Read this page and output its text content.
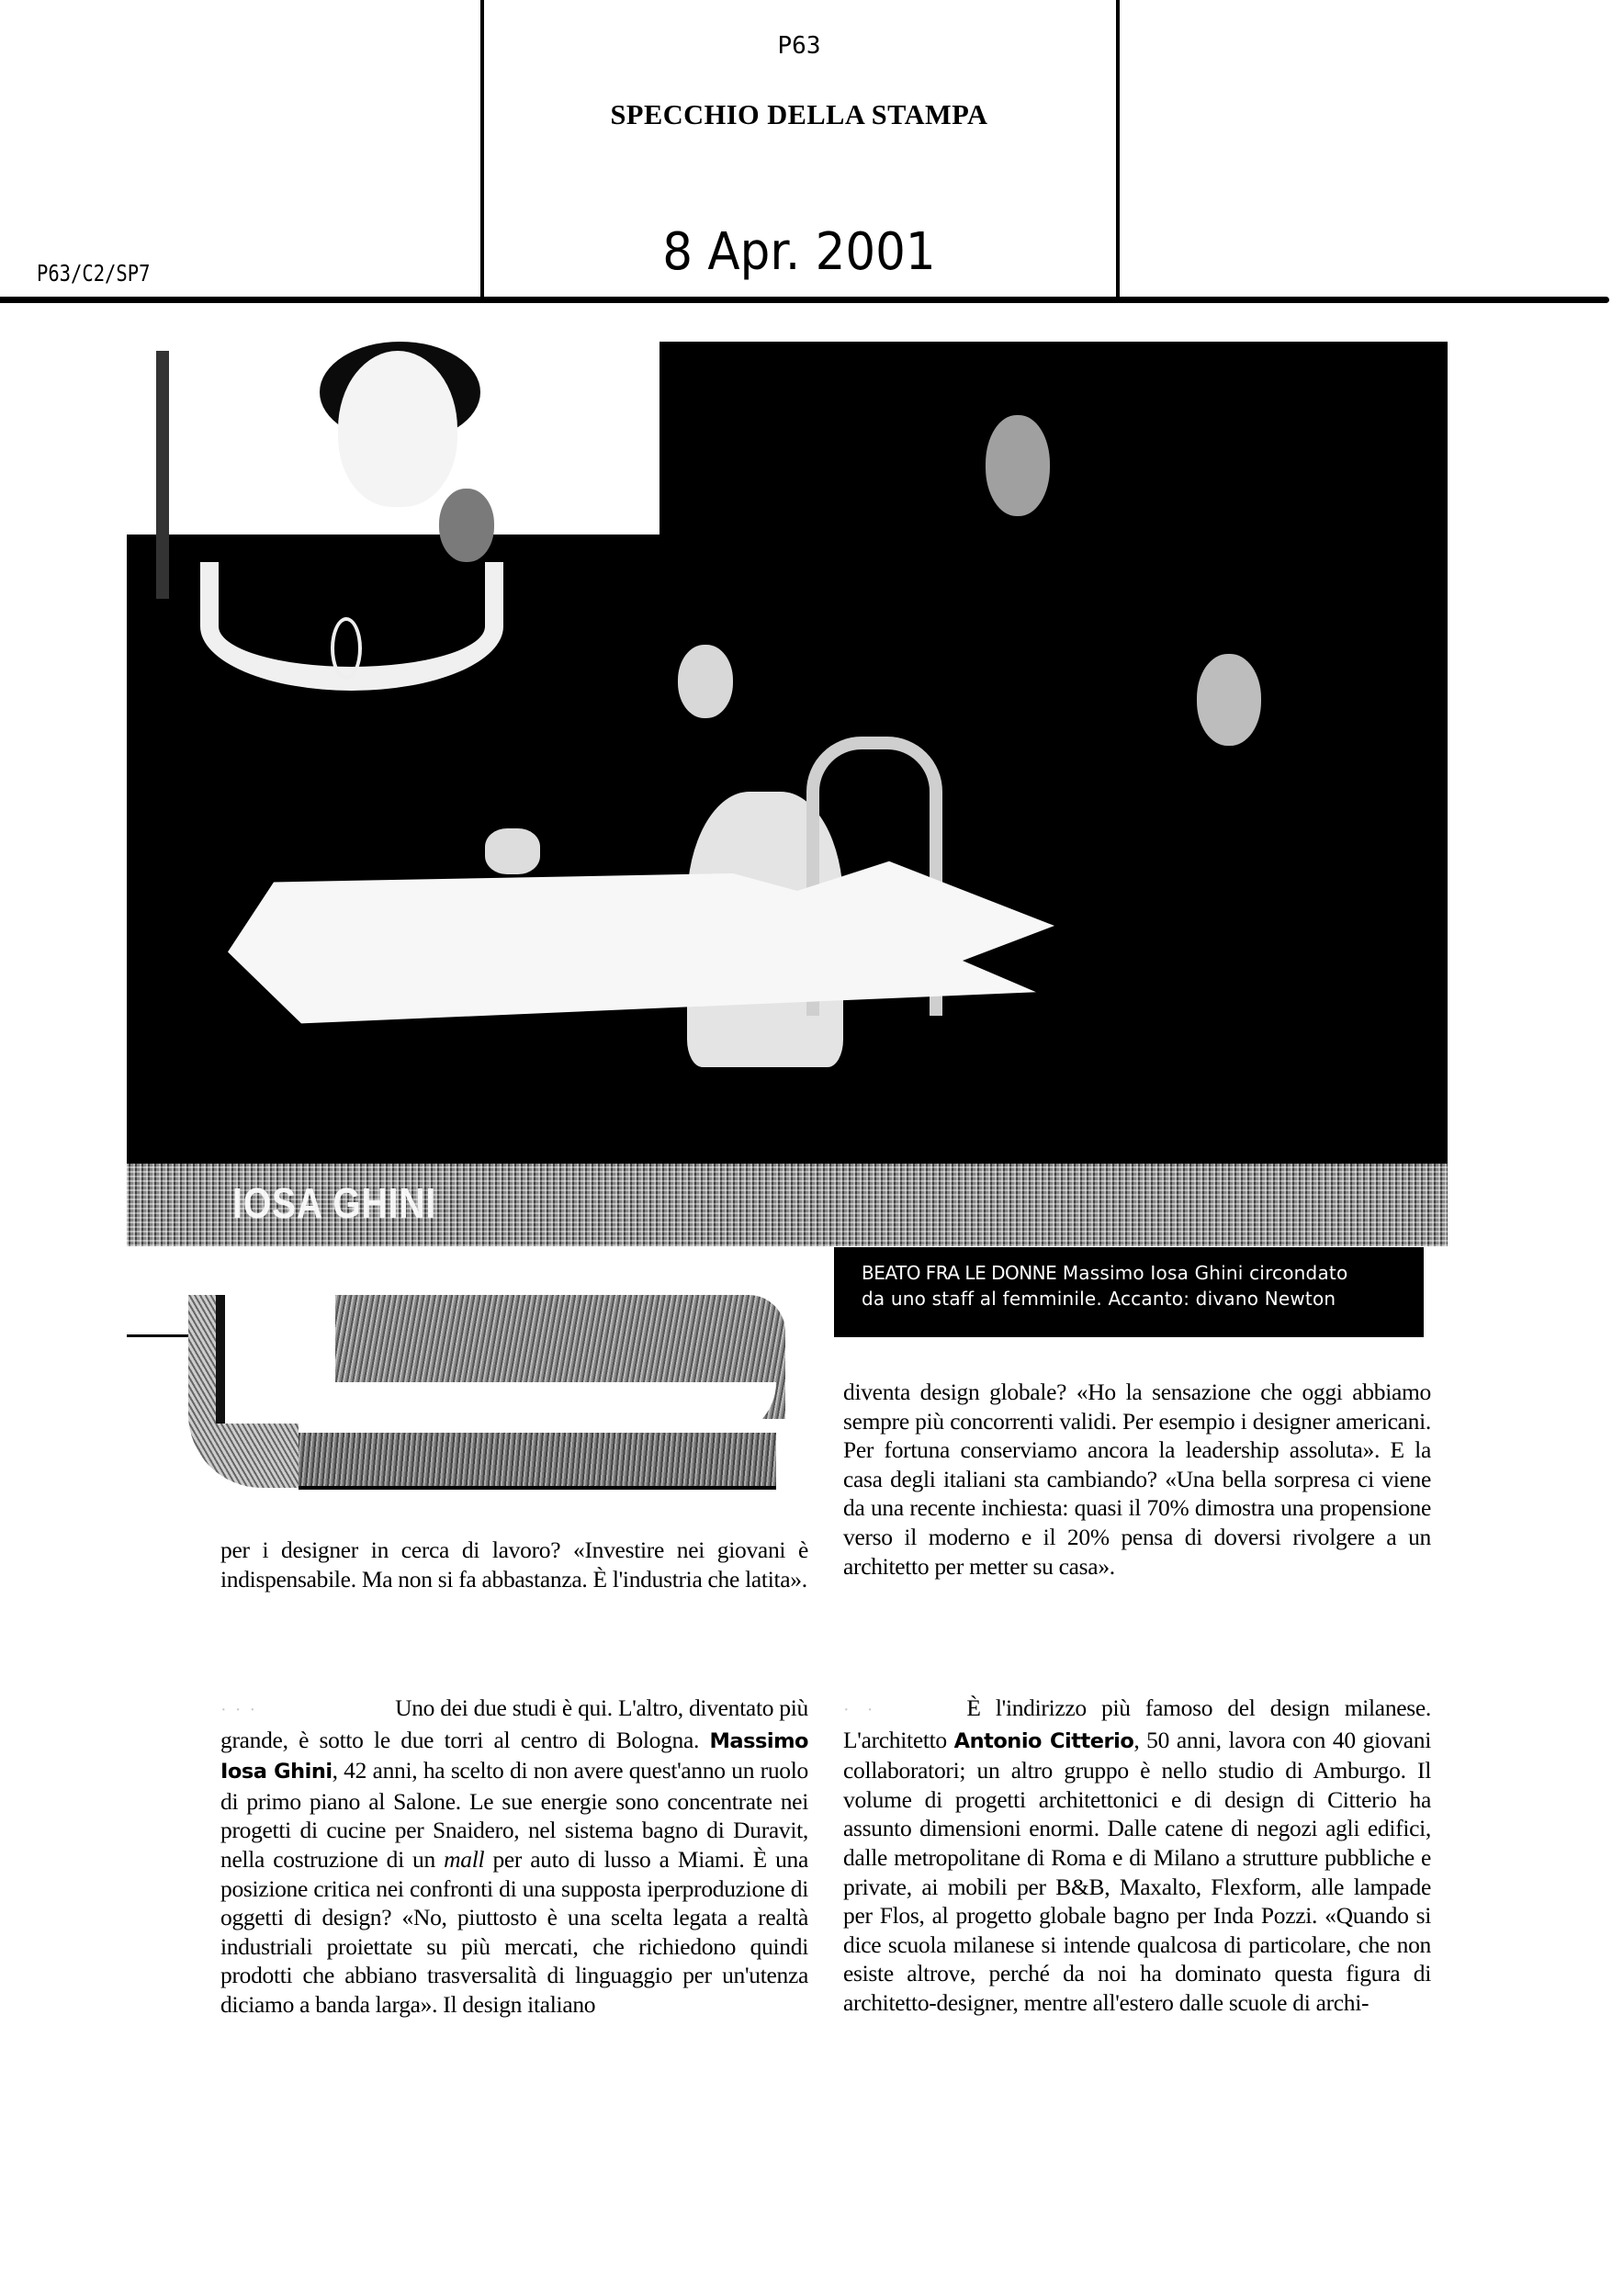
P63
SPECCHIO DELLA STAMPA
8 Apr. 2001
P63/C2/SP7
IOSA GHINI
BEATO FRA LE DONNE Massimo Iosa Ghini circondato
da uno staff al femminile. Accanto: divano Newton

per i designer in cerca di lavoro? «Investire nei giovani è indispensabile. Ma non si fa abbastanza. È l'industria che latita».

· · ·	Uno dei due studi è qui. L'altro, diventato più grande, è sotto le due torri al centro di Bologna. Massimo Iosa Ghini, 42 anni, ha scelto di non avere quest'anno un ruolo di primo piano al Salone. Le sue energie sono concentrate nei progetti di cucine per Snaidero, nel sistema bagno di Duravit, nella costruzione di un mall per auto di lusso a Miami. È una posizione critica nei confronti di una supposta iperproduzione di oggetti di design? «No, piuttosto è una scelta legata a realtà industriali proiettate su più mercati, che richiedono quindi prodotti che abbiano trasversalità di linguaggio per un'utenza diciamo a banda larga». Il design italiano

diventa design globale? «Ho la sensazione che oggi abbiamo sempre più concorrenti validi. Per esempio i designer americani. Per fortuna conserviamo ancora la leadership assoluta». E la casa degli italiani sta cambiando? «Una bella sorpresa ci viene da una recente inchiesta: quasi il 70% dimostra una propensione verso il moderno e il 20% pensa di doversi rivolgere a un architetto per metter su casa».

· ·	È l'indirizzo più famoso del design milanese. L'architetto Antonio Citterio, 50 anni, lavora con 40 giovani collaboratori; un altro gruppo è nello studio di Amburgo. Il volume di progetti architettonici e di design di Citterio ha assunto dimensioni enormi. Dalle catene di negozi agli edifici, dalle metropolitane di Roma e di Milano a strutture pubbliche e private, ai mobili per B&B, Maxalto, Flexform, alle lampade per Flos, al progetto globale bagno per Inda Pozzi. «Quando si dice scuola milanese si intende qualcosa di particolare, che non esiste altrove, perché da noi ha dominato questa figura di architetto-designer, mentre all'estero dalle scuole di archi-
